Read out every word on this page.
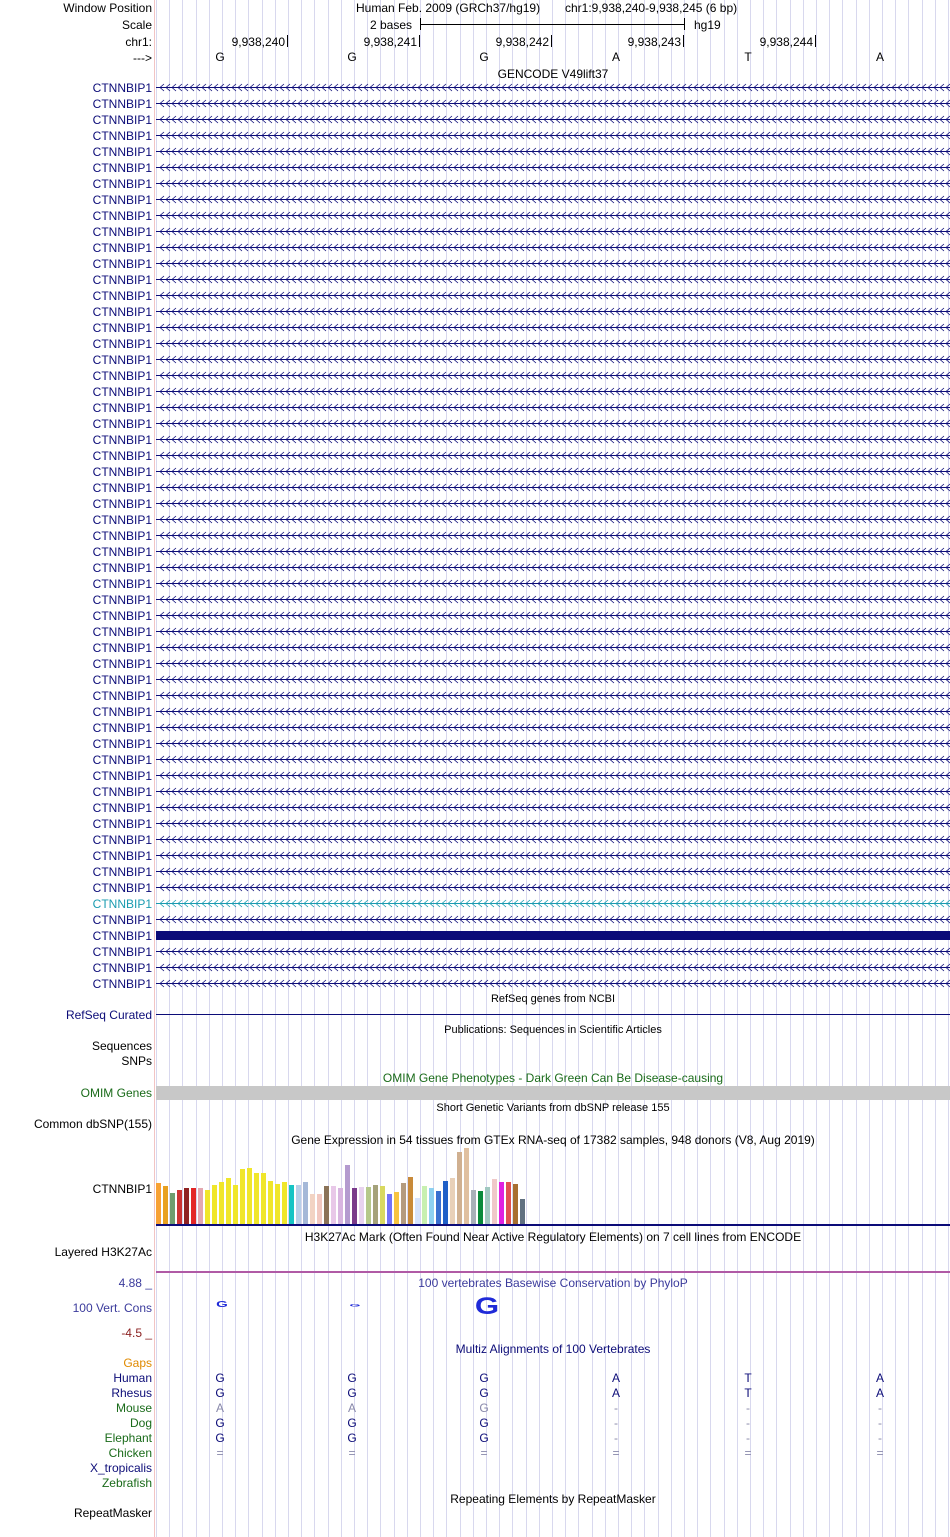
Window Position	Human Feb. 2009 (GRCh37/hg19) chr1:9,938,240-9,938,245 (6 bp)
Scale	2 bases	hg19
chr1:	9,938,240	9,938,241	9,938,242	9,938,243	9,938,244
--->	G	G	G	A	T	A
GENCODE V49lift37
CTNNBIP1
CTNNBIP1
CTNNBIP1
CTNNBIP1
CTNNBIP1
CTNNBIP1
CTNNBIP1
CTNNBIP1
CTNNBIP1
CTNNBIP1
CTNNBIP1
CTNNBIP1
CTNNBIP1
CTNNBIP1
CTNNBIP1
CTNNBIP1
CTNNBIP1
CTNNBIP1
CTNNBIP1
CTNNBIP1
CTNNBIP1
CTNNBIP1
CTNNBIP1
CTNNBIP1
CTNNBIP1
CTNNBIP1
CTNNBIP1
CTNNBIP1
CTNNBIP1
CTNNBIP1
CTNNBIP1
CTNNBIP1
CTNNBIP1
CTNNBIP1
CTNNBIP1
CTNNBIP1
CTNNBIP1
CTNNBIP1
CTNNBIP1
CTNNBIP1
CTNNBIP1
CTNNBIP1
CTNNBIP1
CTNNBIP1
CTNNBIP1
CTNNBIP1
CTNNBIP1
CTNNBIP1
CTNNBIP1
CTNNBIP1
CTNNBIP1
CTNNBIP1
CTNNBIP1
CTNNBIP1
CTNNBIP1
CTNNBIP1
CTNNBIP1
RefSeq genes from NCBI
RefSeq Curated
Publications: Sequences in Scientific Articles
Sequences
SNPs
OMIM Gene Phenotypes - Dark Green Can Be Disease-causing
OMIM Genes
Short Genetic Variants from dbSNP release 155
Common dbSNP(155)
Gene Expression in 54 tissues from GTEx RNA-seq of 17382 samples, 948 donors (V8, Aug 2019)
CTNNBIP1
H3K27Ac Mark (Often Found Near Active Regulatory Elements) on 7 cell lines from ENCODE
Layered H3K27Ac
100 vertebrates Basewise Conservation by PhyloP
4.88 _
100 Vert. Cons
-4.5 _
G	G	G
Multiz Alignments of 100 Vertebrates
Gaps
Human	G	G	G	A	T	A
Rhesus	G	G	G	A	T	A
Mouse	A	A	G	-	-	-
Dog	G	G	G	-	-	-
Elephant	G	G	G	-	-	-
Chicken	=	=	=	=	=	=
X_tropicalis
Zebrafish
Repeating Elements by RepeatMasker
RepeatMasker
